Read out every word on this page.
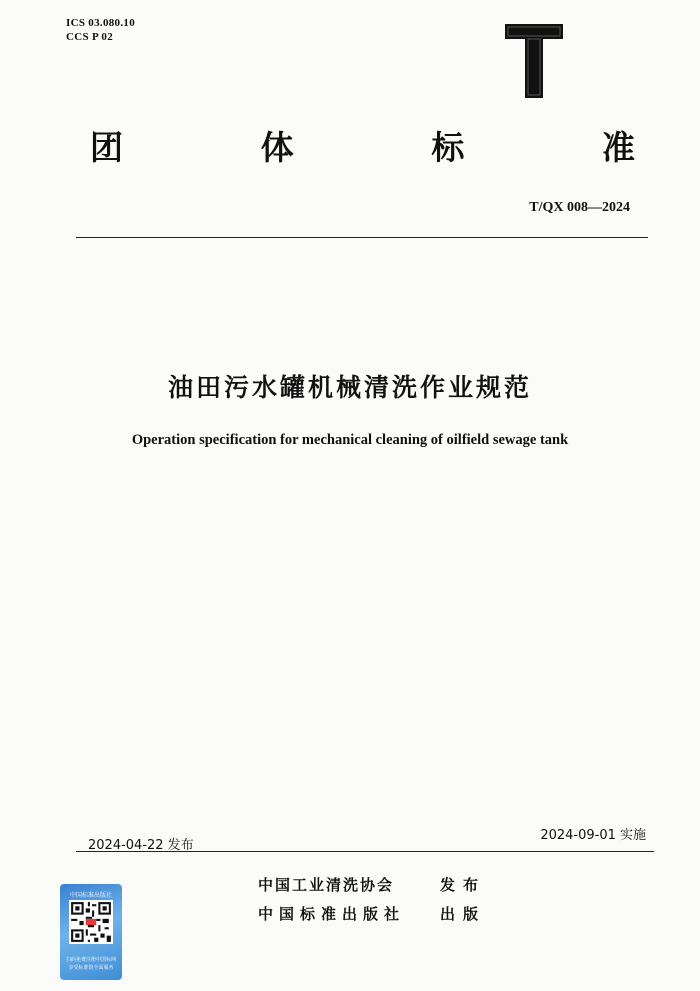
ICS 03.080.10
CCS P 02
团	体	标	准
T/QX 008—2024
油田污水罐机械清洗作业规范
Operation specification for mechanical cleaning of oilfield sewage tank
2024-04-22 发布
2024-09-01 实施
中国工业清洗协会	发布
中国标准出版社 出版
中国标准出版社
扫码免费注册中国标网
享受标准馆全面服务
